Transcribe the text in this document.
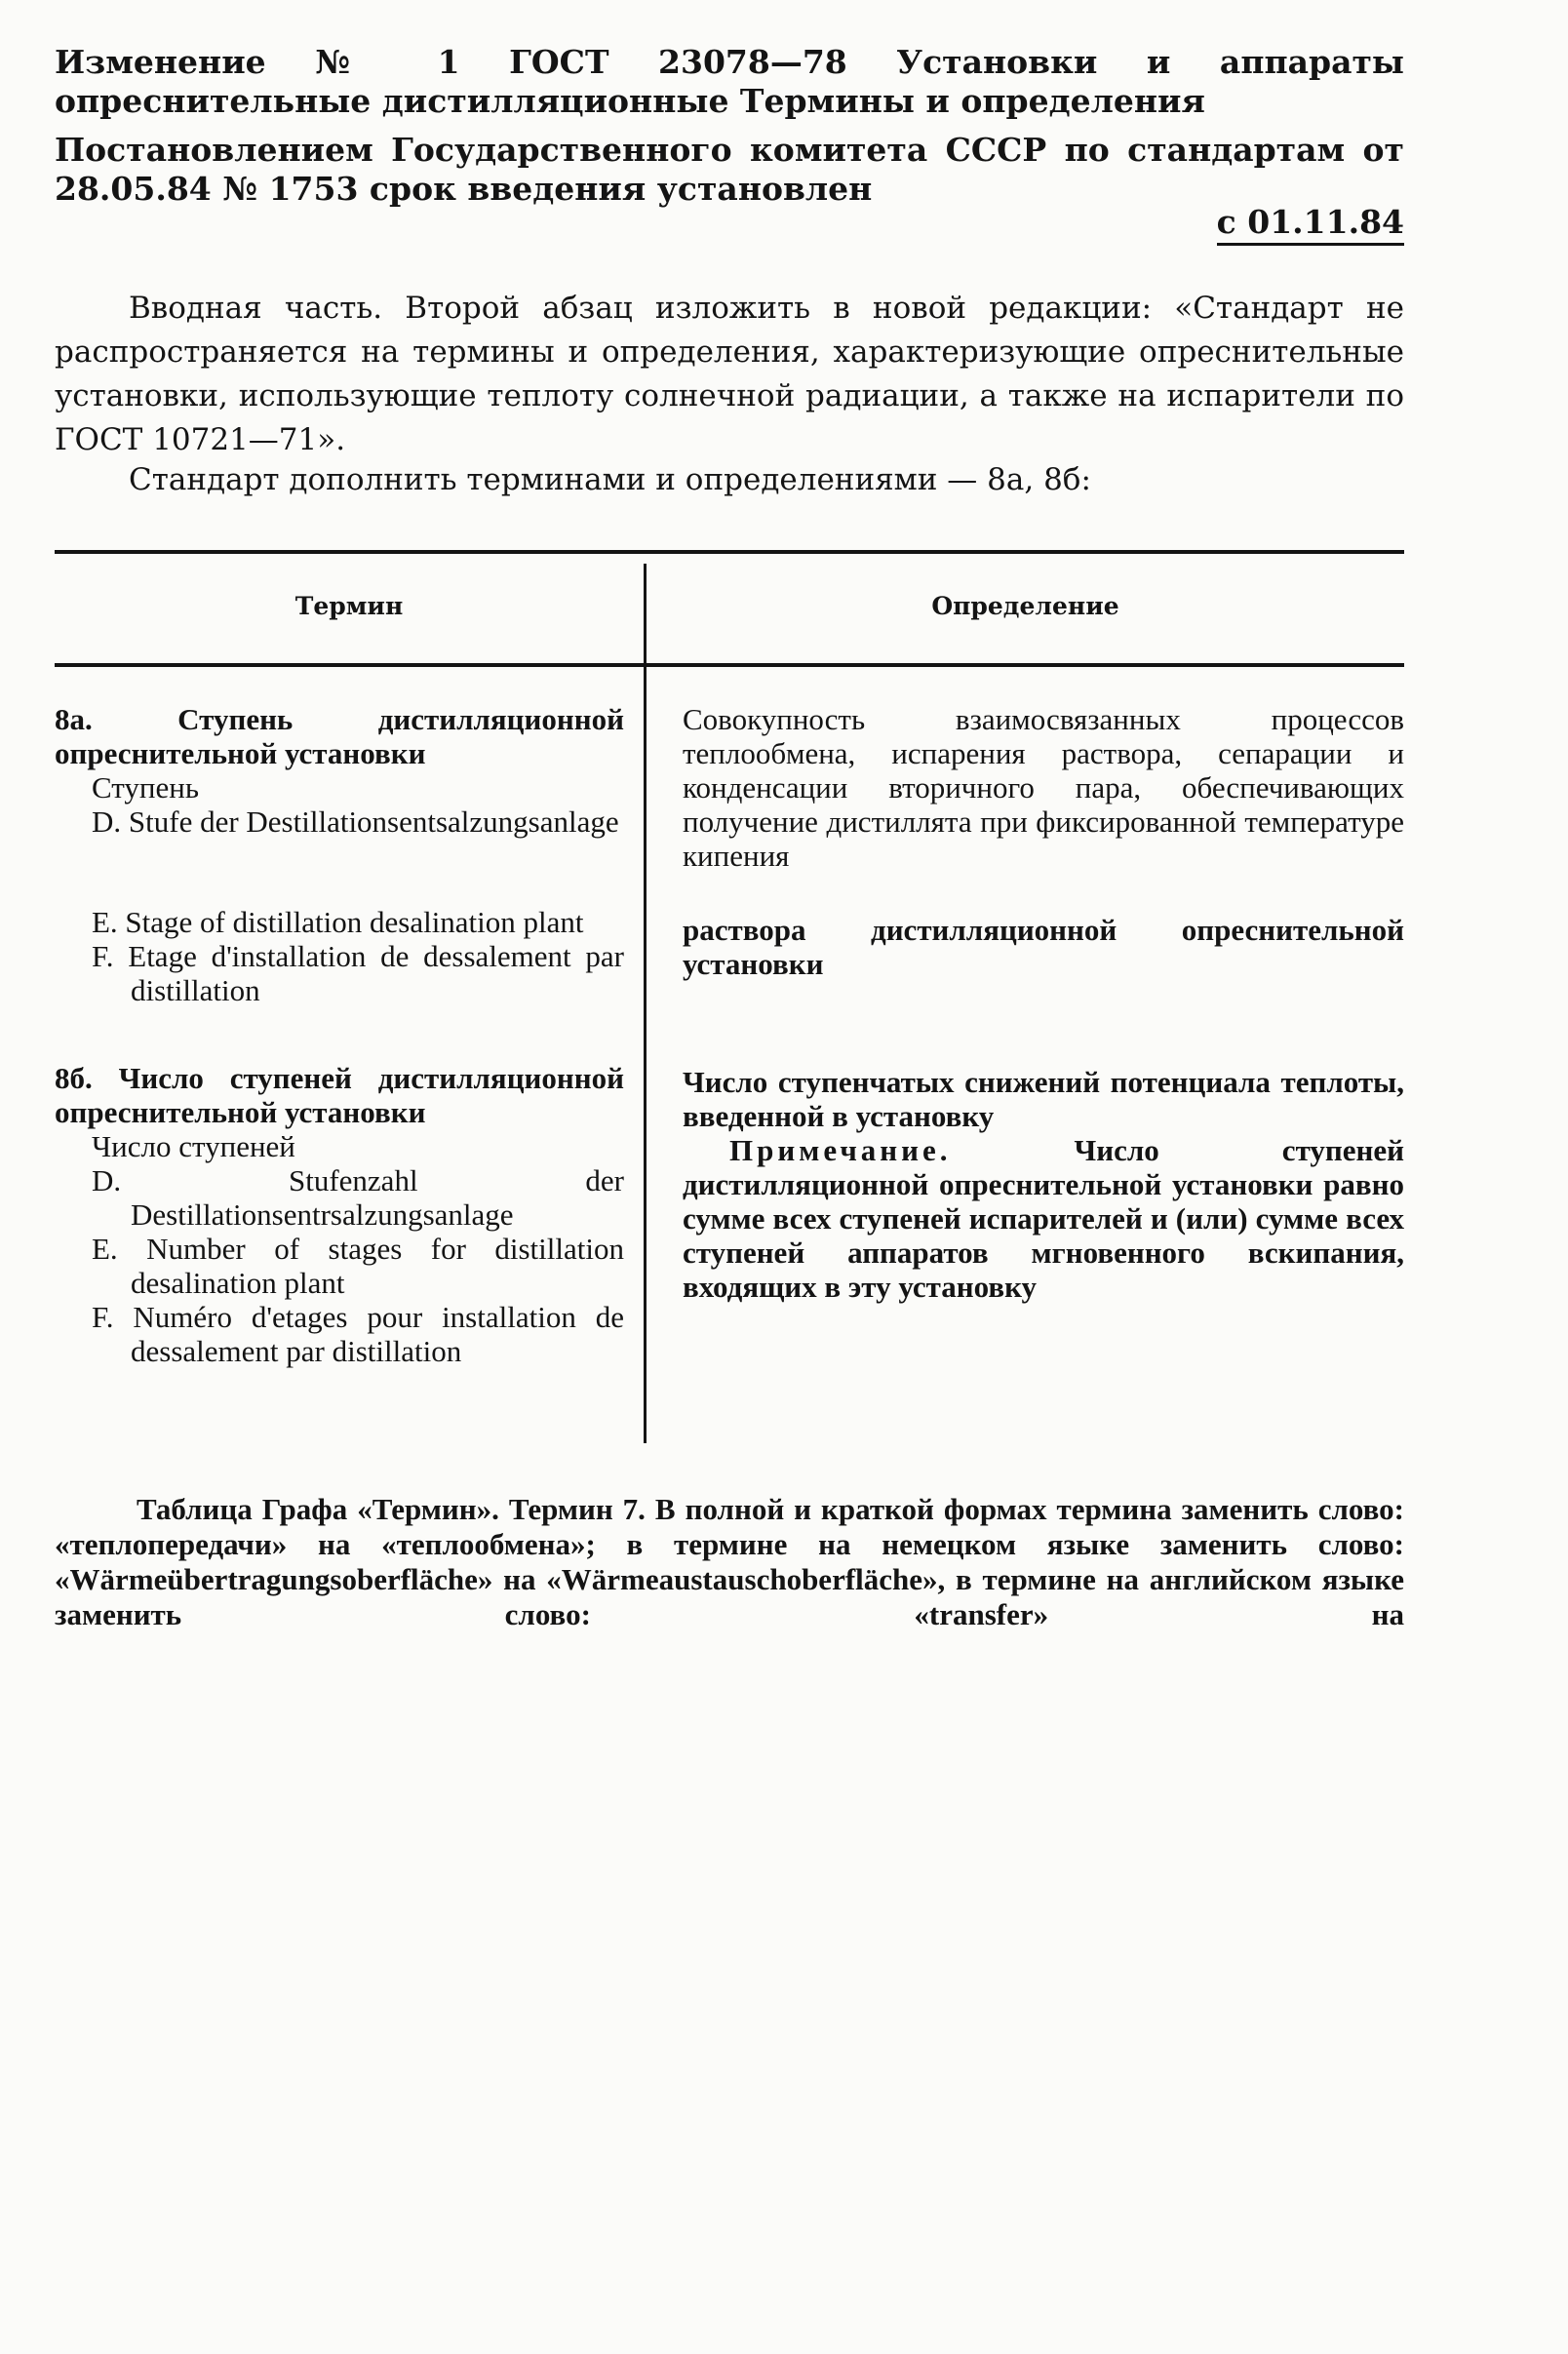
Изменение № 1 ГОСТ 23078—78 Установки и аппараты опреснительные дистилляционные Термины и определения

Постановлением Государственного комитета СССР по стандартам от 28.05.84 № 1753 срок введения установлен

с 01.11.84

Вводная часть. Второй абзац изложить в новой редакции: «Стандарт не распространяется на термины и определения, характеризующие опреснительные установки, использующие теплоту солнечной радиации, а также на испарители по ГОСТ 10721—71».

Стандарт дополнить терминами и определениями — 8а, 8б:

Термин	Определение
8а. Ступень дистилляционной опреснительной установки
Ступень
D. Stufe der Destillationsentsalzungsanlage
E. Stage of distillation desalination plant
F. Etage d'installation de dessalement par distillation
Совокупность взаимосвязанных процессов теплообмена, испарения раствора, сепарации и конденсации вторичного пара, обеспечивающих получение дистиллята при фиксированной температуре кипения
раствора дистилляционной опреснительной установки
8б. Число ступеней дистилляционной опреснительной установки
Число ступеней
D. Stufenzahl der Destillationsentrsalzungsanlage
E. Number of stages for distillation desalination plant
F. Numéro d'etages pour installation de dessalement par distillation
Число ступенчатых снижений потенциала теплоты, введенной в установку
Примечание.	Число ступеней дистилляционной опреснительной установки равно сумме всех ступеней испарителей и (или) сумме всех ступеней аппаратов мгновенного вскипания, входящих в эту установку

Таблица Графа «Термин». Термин 7. В полной и краткой формах термина заменить слово: «теплопередачи» на «теплообмена»; в термине на немецком языке заменить слово: «Wärmeübertragungsoberfläche» на «Wärmeaustauschoberfläche», в термине на английском языке заменить слово: «transfer» на
